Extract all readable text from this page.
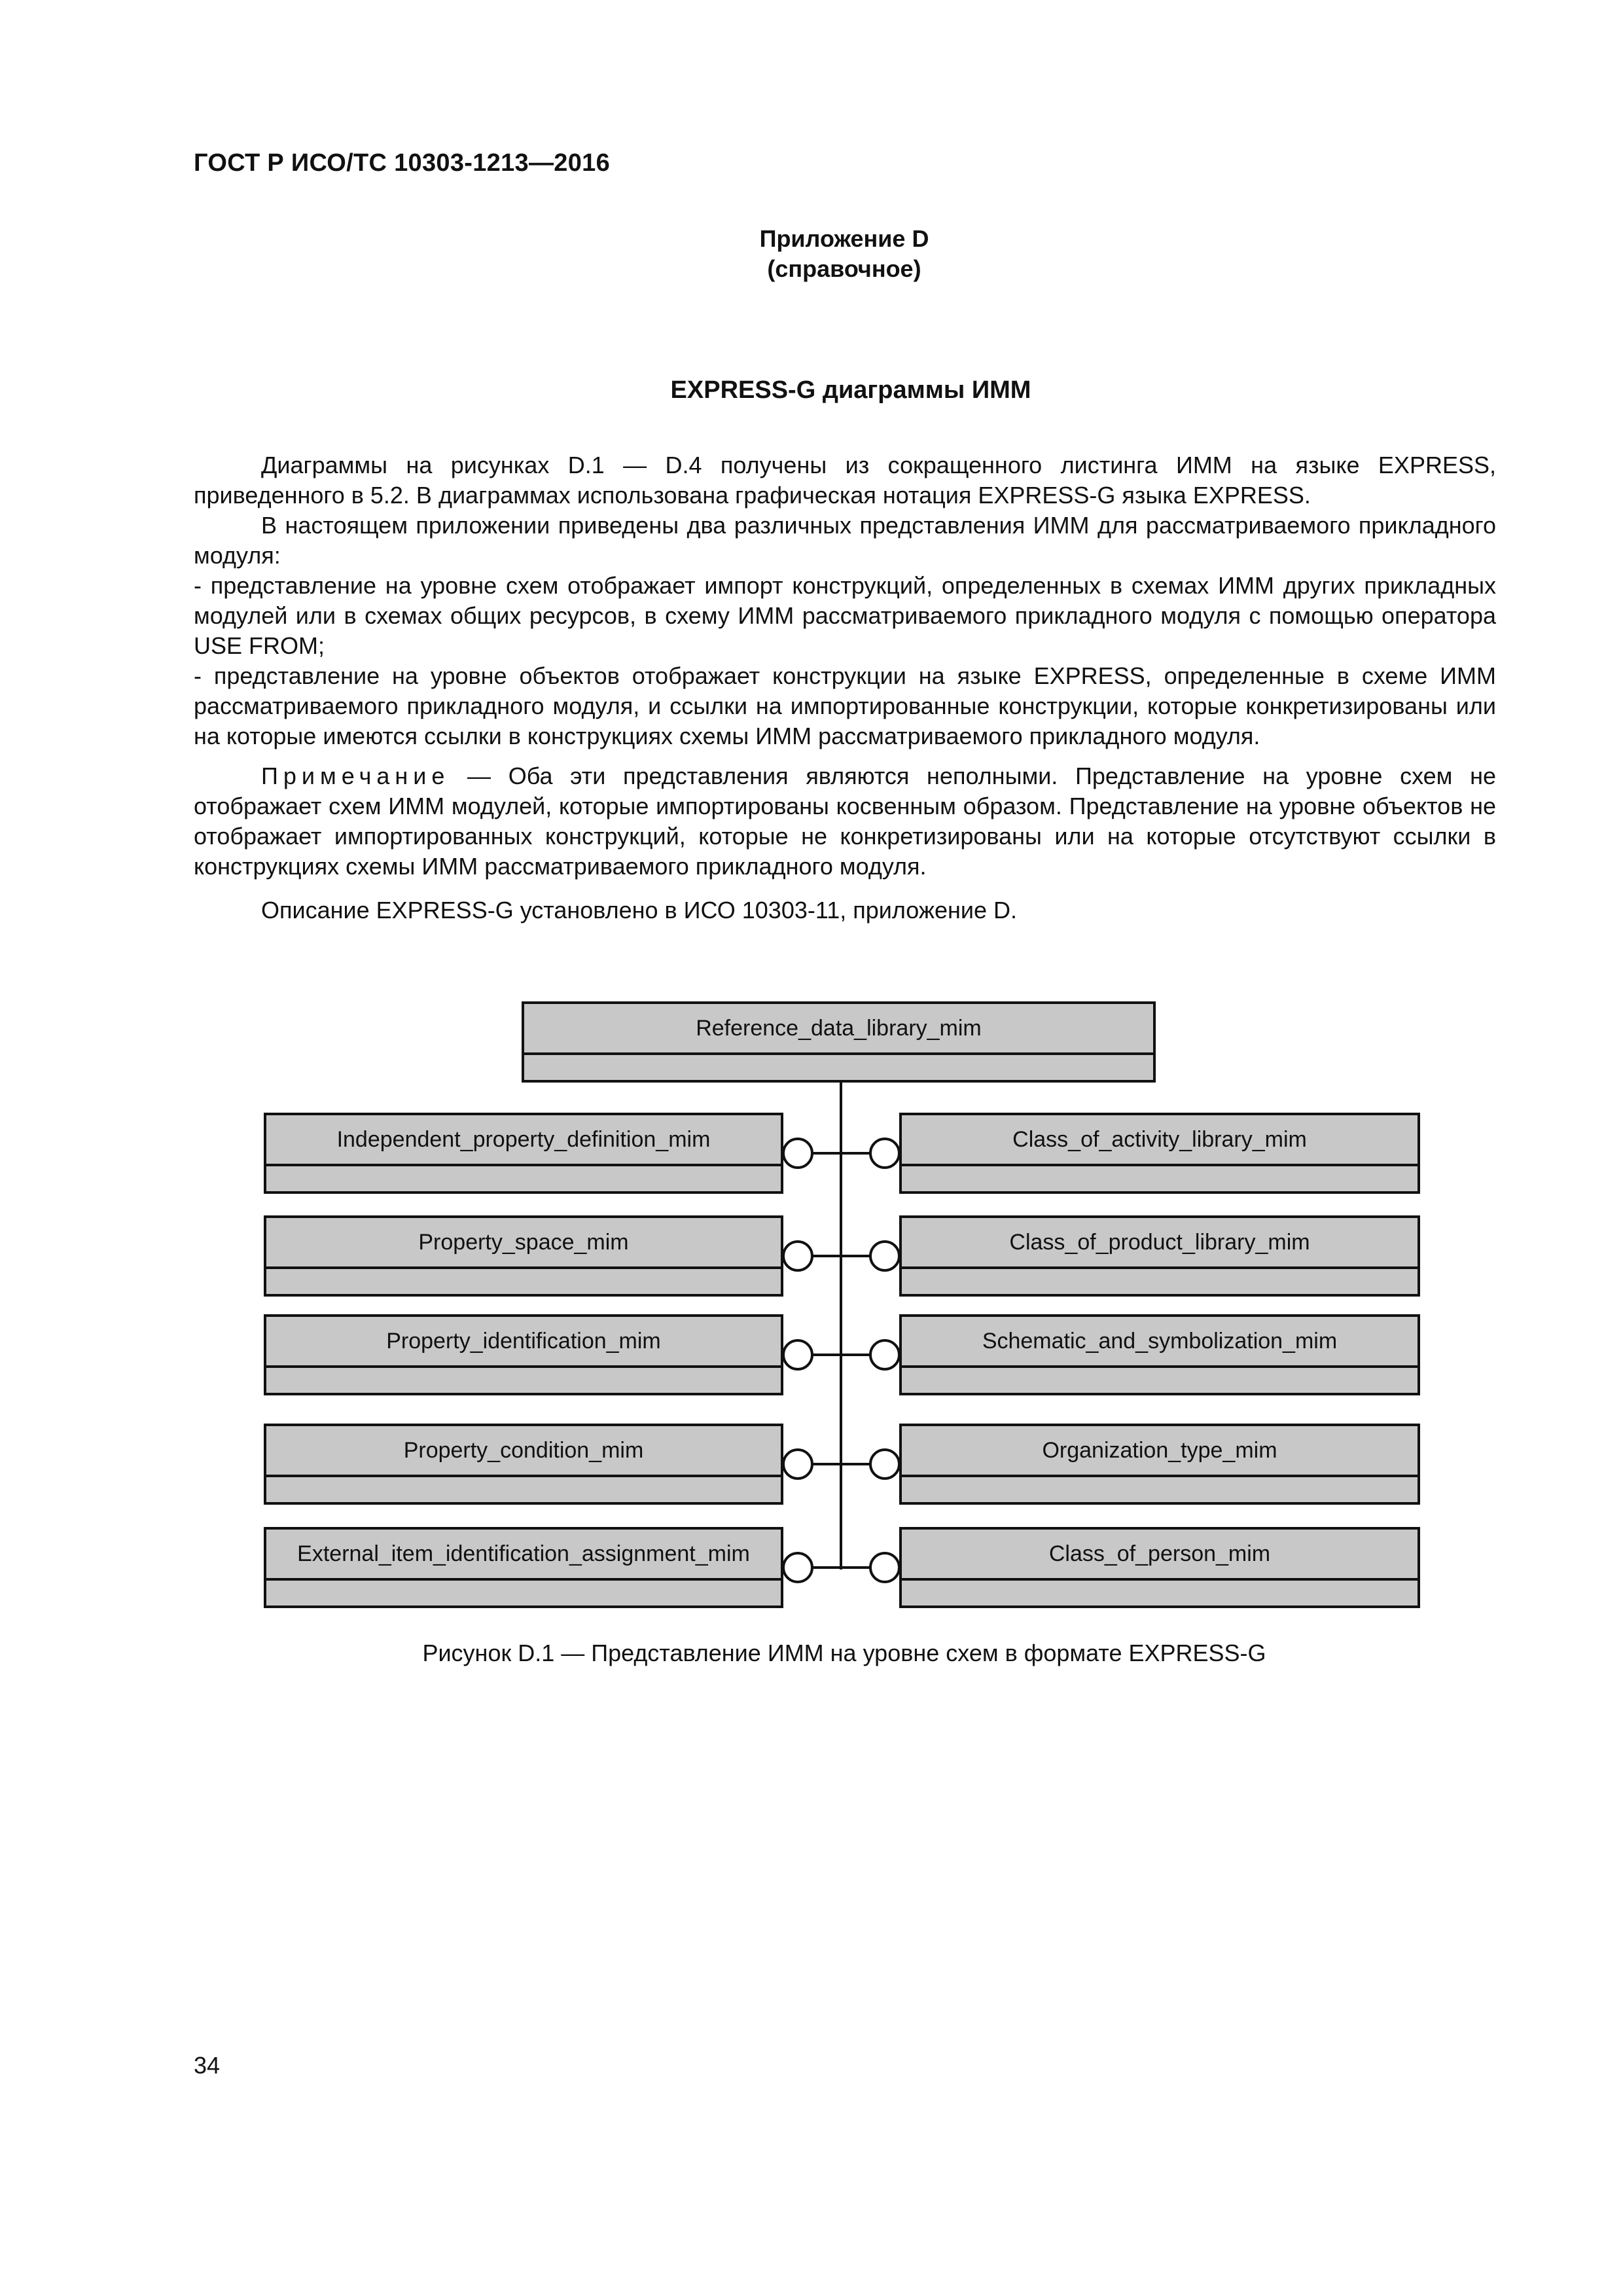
ГОСТ Р ИСО/ТС 10303-1213—2016
Приложение D
(справочное)
EXPRESS-G диаграммы ИММ

Диаграммы на рисунках D.1 — D.4 получены из сокращенного листинга ИММ на языке EXPRESS, приведенного в 5.2. В диаграммах использована графическая нотация EXPRESS-G языка EXPRESS.

В настоящем приложении приведены два различных представления ИММ для рассматриваемого прикладного модуля:

- представление на уровне схем отображает импорт конструкций, определенных в схемах ИММ других прикладных модулей или в схемах общих ресурсов, в схему ИММ рассматриваемого прикладного модуля с помощью оператора USE FROM;

- представление на уровне объектов отображает конструкции на языке EXPRESS, определенные в схеме ИММ рассматриваемого прикладного модуля, и ссылки на импортированные конструкции, которые конкретизированы или на которые имеются ссылки в конструкциях схемы ИММ рассматриваемого прикладного модуля.

Примечание — Оба эти представления являются неполными. Представление на уровне схем не отображает схем ИММ модулей, которые импортированы косвенным образом. Представление на уровне объектов не отображает импортированных конструкций, которые не конкретизированы или на которые отсутствуют ссылки в конструкциях схемы ИММ рассматриваемого прикладного модуля.

Описание EXPRESS-G установлено в ИСО 10303-11, приложение D.

Reference_data_library_mim
Independent_property_definition_mim
Property_space_mim
Property_identification_mim
Property_condition_mim
External_item_identification_assignment_mim
Class_of_activity_library_mim
Class_of_product_library_mim
Schematic_and_symbolization_mim
Organization_type_mim
Class_of_person_mim
Рисунок D.1 — Представление ИММ на уровне схем в формате EXPRESS-G
34
